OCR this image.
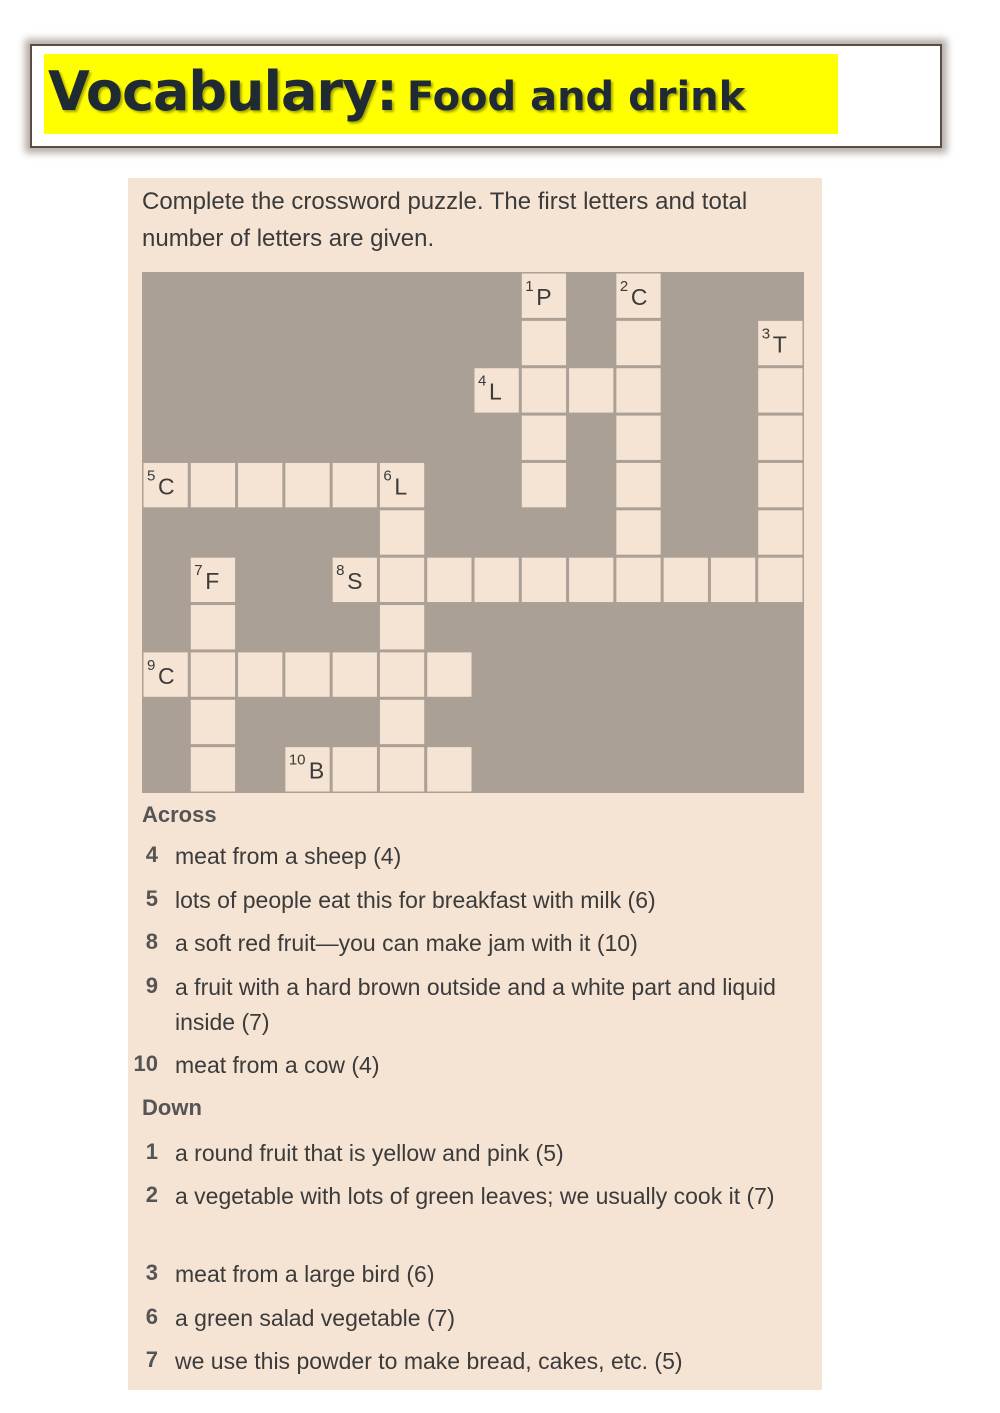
Vocabulary: Food and drink
Complete the crossword puzzle. The first letters and total number of letters are given.
1 P	2 C
3 T
4 L
5 C	6 L
7 F	8 S
9 C
10 B
Across
4 meat from a sheep (4)
5 lots of people eat this for breakfast with milk (6)
8 a soft red fruit—you can make jam with it (10)
9 a fruit with a hard brown outside and a white part and liquid inside (7)
10 meat from a cow (4)
Down
1 a round fruit that is yellow and pink (5)
2 a vegetable with lots of green leaves; we usually cook it (7)
3 meat from a large bird (6)
6 a green salad vegetable (7)
7 we use this powder to make bread, cakes, etc. (5)
